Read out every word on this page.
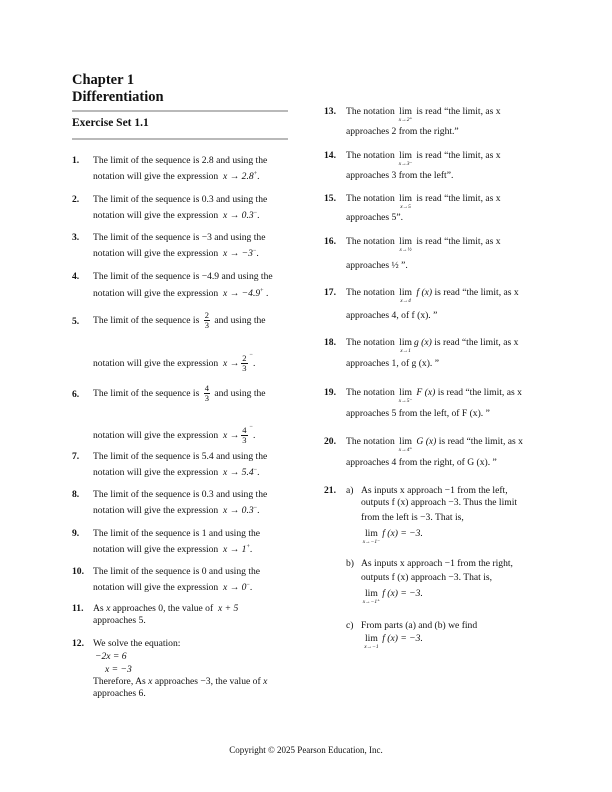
Chapter 1
Differentiation
Exercise Set 1.1
1. The limit of the sequence is 2.8 and using the
notation will give the expression x → 2.8+.
2. The limit of the sequence is 0.3 and using the
notation will give the expression x → 0.3−.
3. The limit of the sequence is −3 and using the
notation will give the expression x → −3−.
4. The limit of the sequence is −4.9 and using the
notation will give the expression x → −4.9+ .
5. The limit of the sequence is $\frac{2}{3}$ and using the
notation will give the expression $x \to \frac{2}{3} ^-$.
6. The limit of the sequence is $\frac{4}{3}$ and using the
notation will give the expression $x \to \frac{4}{3} ^-$.
7. The limit of the sequence is 5.4 and using the
notation will give the expression x → 5.4−.
8. The limit of the sequence is 0.3 and using the
notation will give the expression x → 0.3−.
9. The limit of the sequence is 1 and using the
notation will give the expression x → 1+.
10. The limit of the sequence is 0 and using the
notation will give the expression x → 0−.
11. As x approaches 0, the value of x + 5
approaches 5.
12. We solve the equation:
−2x = 6
x = −3
Therefore, As x approaches −3, the value of x
approaches 6.
13. The notation lim
x→2⁺
is read “the limit, as x
approaches 2 from the right.”
14. The notation lim
x→3⁻
is read “the limit, as x
approaches 3 from the left”.
15. The notation lim
x→5
is read “the limit, as x
approaches 5”.
16. The notation lim
x→½
is read “the limit, as x
approaches ½ ”.
17. The notation lim
x→4
f (x) is read “the limit, as x
approaches 4, of f (x). ”
18. The notation lim
x→1
g (x) is read “the limit, as x
approaches 1, of g (x). ”
19. The notation lim
x→5⁻
F (x) is read “the limit, as x
approaches 5 from the left, of F (x). ”
20. The notation lim
x→4⁺
G (x) is read “the limit, as x
approaches 4 from the right, of G (x). ”
21. a) As inputs x approach −1 from the left,
outputs f (x) approach −3. Thus the limit
from the left is −3. That is,
lim
x→−1⁻
f (x) = −3.
b) As inputs x approach −1 from the right,
outputs f (x) approach −3. That is,
lim
x→−1⁺
f (x) = −3.
c) From parts (a) and (b) we find
lim
x→−1
f (x) = −3.
Copyright © 2025 Pearson Education, Inc.
